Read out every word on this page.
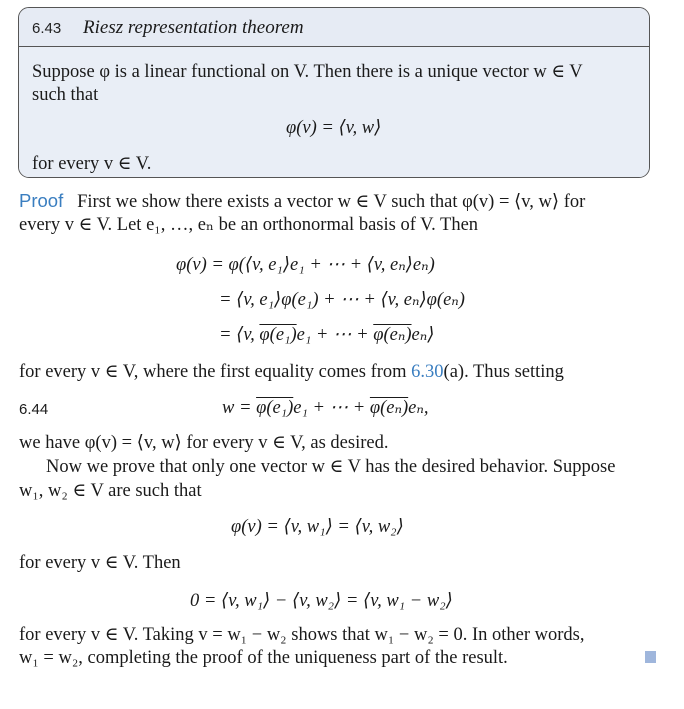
6.43 Riesz representation theorem
Suppose φ is a linear functional on V. Then there is a unique vector w ∈ V
such that
φ(v) = ⟨v, w⟩
for every v ∈ V.
Proof First we show there exists a vector w ∈ V such that φ(v) = ⟨v, w⟩ for
every v ∈ V. Let e₁, …, eₙ be an orthonormal basis of V. Then
φ(v) = φ(⟨v, e₁⟩e₁ + ⋯ + ⟨v, eₙ⟩eₙ)
= ⟨v, e₁⟩φ(e₁) + ⋯ + ⟨v, eₙ⟩φ(eₙ)
= ⟨v, φ(e₁)e₁ + ⋯ + φ(eₙ)eₙ⟩
for every v ∈ V, where the first equality comes from 6.30(a). Thus setting
6.44	w = φ(e₁)e₁ + ⋯ + φ(eₙ)eₙ,
we have φ(v) = ⟨v, w⟩ for every v ∈ V, as desired.
Now we prove that only one vector w ∈ V has the desired behavior. Suppose
w₁, w₂ ∈ V are such that
φ(v) = ⟨v, w₁⟩ = ⟨v, w₂⟩
for every v ∈ V. Then
0 = ⟨v, w₁⟩ − ⟨v, w₂⟩ = ⟨v, w₁ − w₂⟩
for every v ∈ V. Taking v = w₁ − w₂ shows that w₁ − w₂ = 0. In other words,
w₁ = w₂, completing the proof of the uniqueness part of the result.
